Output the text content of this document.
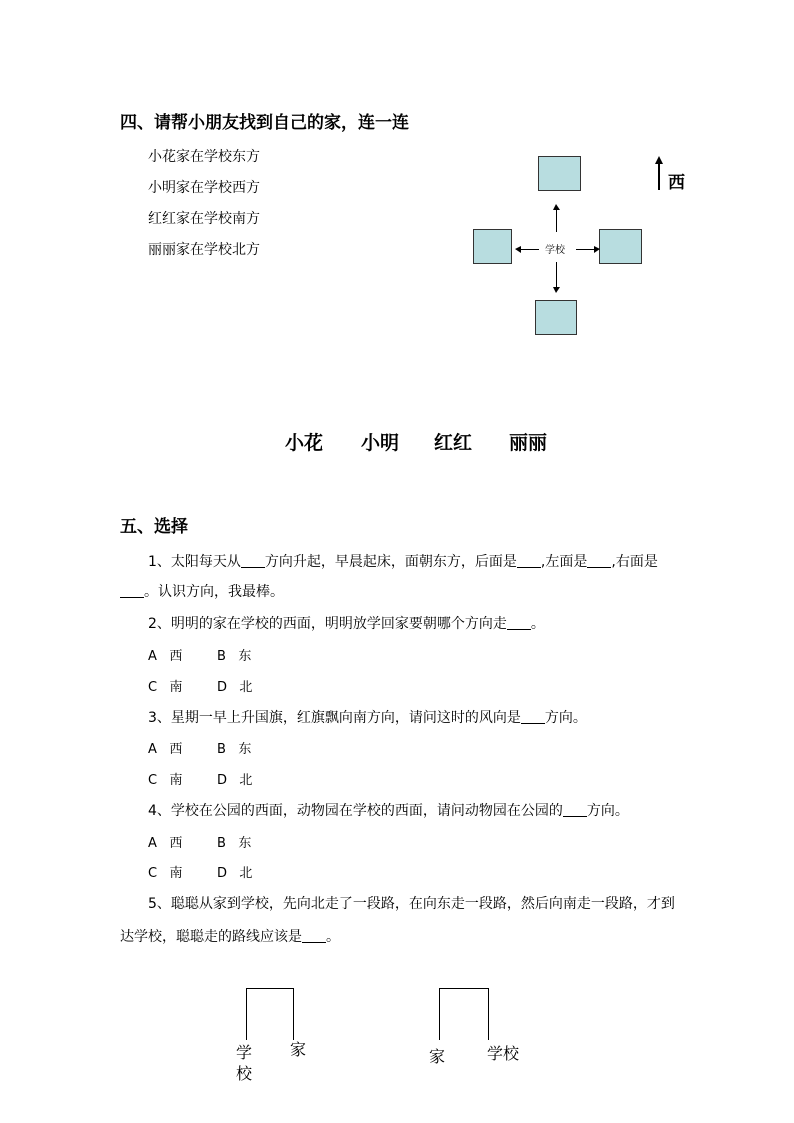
四、请帮小朋友找到自己的家，连一连
小花家在学校东方
小明家在学校西方
红红家在学校南方
丽丽家在学校北方
西
学校
小花 小明 红红 丽丽
五、选择
1、太阳每天从 方向升起，早晨起床，面朝东方，后面是 ,左面是 ,右面是
。认识方向，我最棒。
2、明明的家在学校的西面，明明放学回家要朝哪个方向走 。
A 西	B 东
C 南	D 北
3、星期一早上升国旗，红旗飘向南方向，请问这时的风向是 方向。
A 西	B 东
C 南	D 北
4、学校在公园的西面，动物园在学校的西面，请问动物园在公园的 方向。
A 西	B 东
C 南	D 北
5、聪聪从家到学校，先向北走了一段路，在向东走一段路，然后向南走一段路，才到
达学校，聪聪走的路线应该是 。
学
校
家	家	学校
